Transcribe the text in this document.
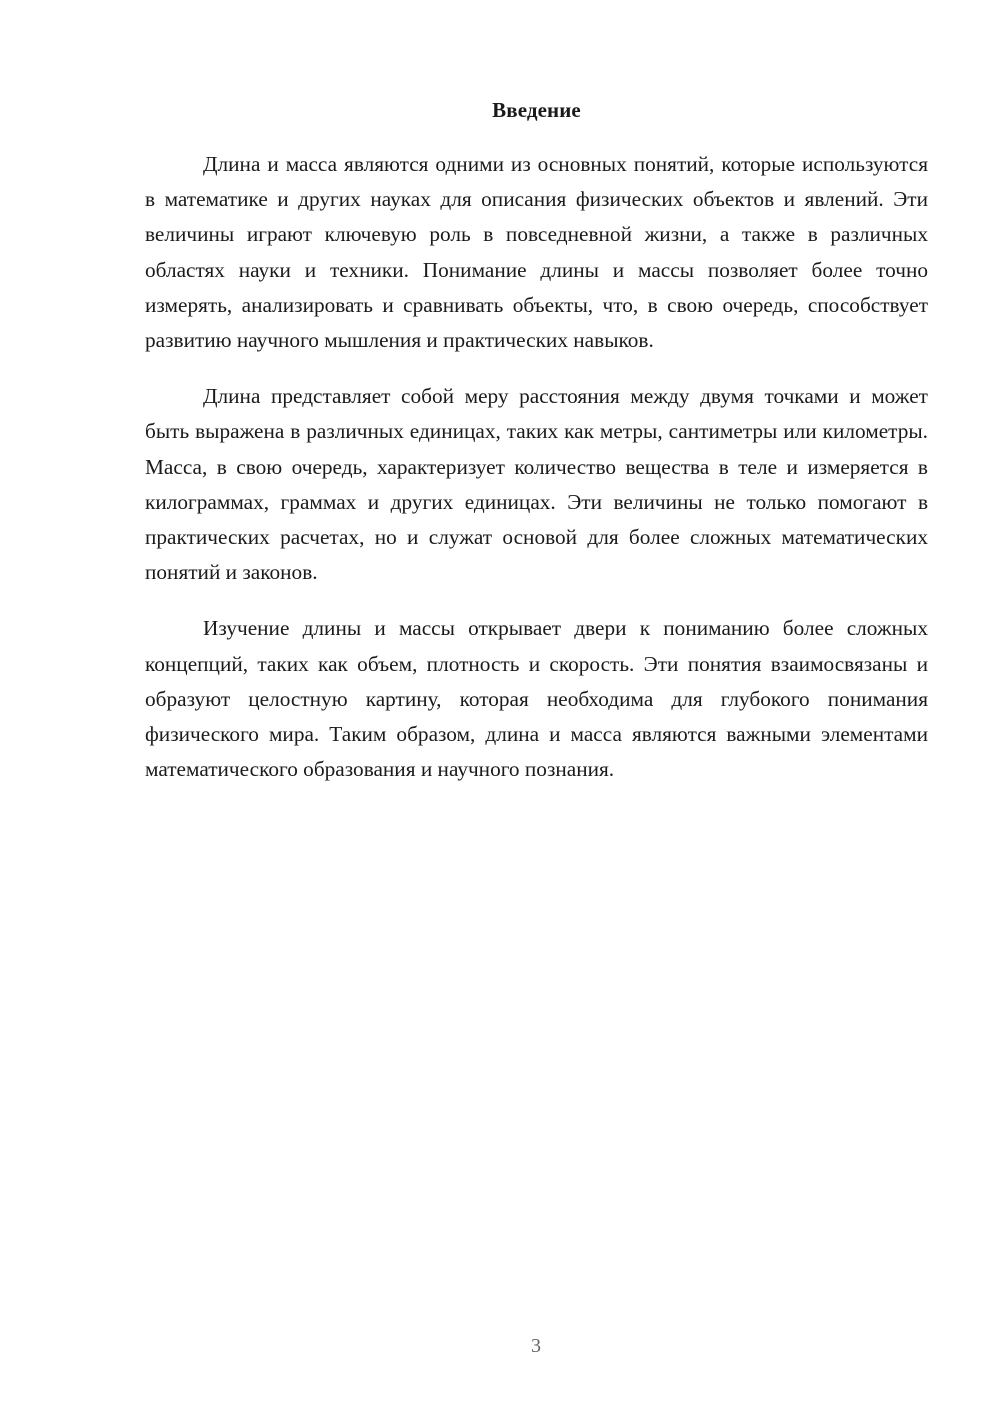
Введение

Длина и масса являются одними из основных понятий, которые используются в математике и других науках для описания физических объектов и явлений. Эти величины играют ключевую роль в повседневной жизни, а также в различных областях науки и техники. Понимание длины и массы позволяет более точно измерять, анализировать и сравнивать объекты, что, в свою очередь, способствует развитию научного мышления и практических навыков.

Длина представляет собой меру расстояния между двумя точками и может быть выражена в различных единицах, таких как метры, сантиметры или километры. Масса, в свою очередь, характеризует количество вещества в теле и измеряется в килограммах, граммах и других единицах. Эти величины не только помогают в практических расчетах, но и служат основой для более сложных математических понятий и законов.

Изучение длины и массы открывает двери к пониманию более сложных концепций, таких как объем, плотность и скорость. Эти понятия взаимосвязаны и образуют целостную картину, которая необходима для глубокого понимания физического мира. Таким образом, длина и масса являются важными элементами математического образования и научного познания.

3
